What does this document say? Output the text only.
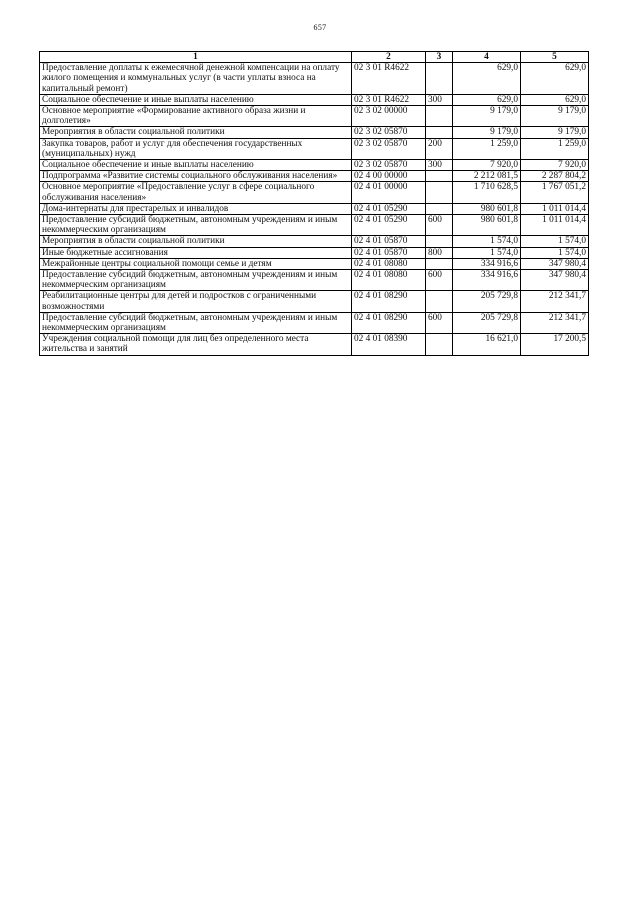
657
1	2	3	4	5
Предоставление доплаты к ежемесячной денежной компенсации на оплату жилого помещения и коммунальных услуг (в части уплаты взноса на капитальный ремонт)	02 3 01 R4622		629,0	629,0
Социальное обеспечение и иные выплаты населению	02 3 01 R4622	300	629,0	629,0
Основное мероприятие «Формирование активного образа жизни и долголетия»	02 3 02 00000		9 179,0	9 179,0
Мероприятия в области социальной политики	02 3 02 05870		9 179,0	9 179,0
Закупка товаров, работ и услуг для обеспечения государственных (муниципальных) нужд	02 3 02 05870	200	1 259,0	1 259,0
Социальное обеспечение и иные выплаты населению	02 3 02 05870	300	7 920,0	7 920,0
Подпрограмма «Развитие системы социального обслуживания населения»	02 4 00 00000		2 212 081,5	2 287 804,2
Основное мероприятие «Предоставление услуг в сфере социального обслуживания населения»	02 4 01 00000		1 710 628,5	1 767 051,2
Дома-интернаты для престарелых и инвалидов	02 4 01 05290		980 601,8	1 011 014,4
Предоставление субсидий бюджетным, автономным учреждениям и иным некоммерческим организациям	02 4 01 05290	600	980 601,8	1 011 014,4
Мероприятия в области социальной политики	02 4 01 05870		1 574,0	1 574,0
Иные бюджетные ассигнования	02 4 01 05870	800	1 574,0	1 574,0
Межрайонные центры социальной помощи семье и детям	02 4 01 08080		334 916,6	347 980,4
Предоставление субсидий бюджетным, автономным учреждениям и иным некоммерческим организациям	02 4 01 08080	600	334 916,6	347 980,4
Реабилитационные центры для детей и подростков с ограниченными возможностями	02 4 01 08290		205 729,8	212 341,7
Предоставление субсидий бюджетным, автономным учреждениям и иным некоммерческим организациям	02 4 01 08290	600	205 729,8	212 341,7
Учреждения социальной помощи для лиц без определенного места жительства и занятий	02 4 01 08390		16 621,0	17 200,5
